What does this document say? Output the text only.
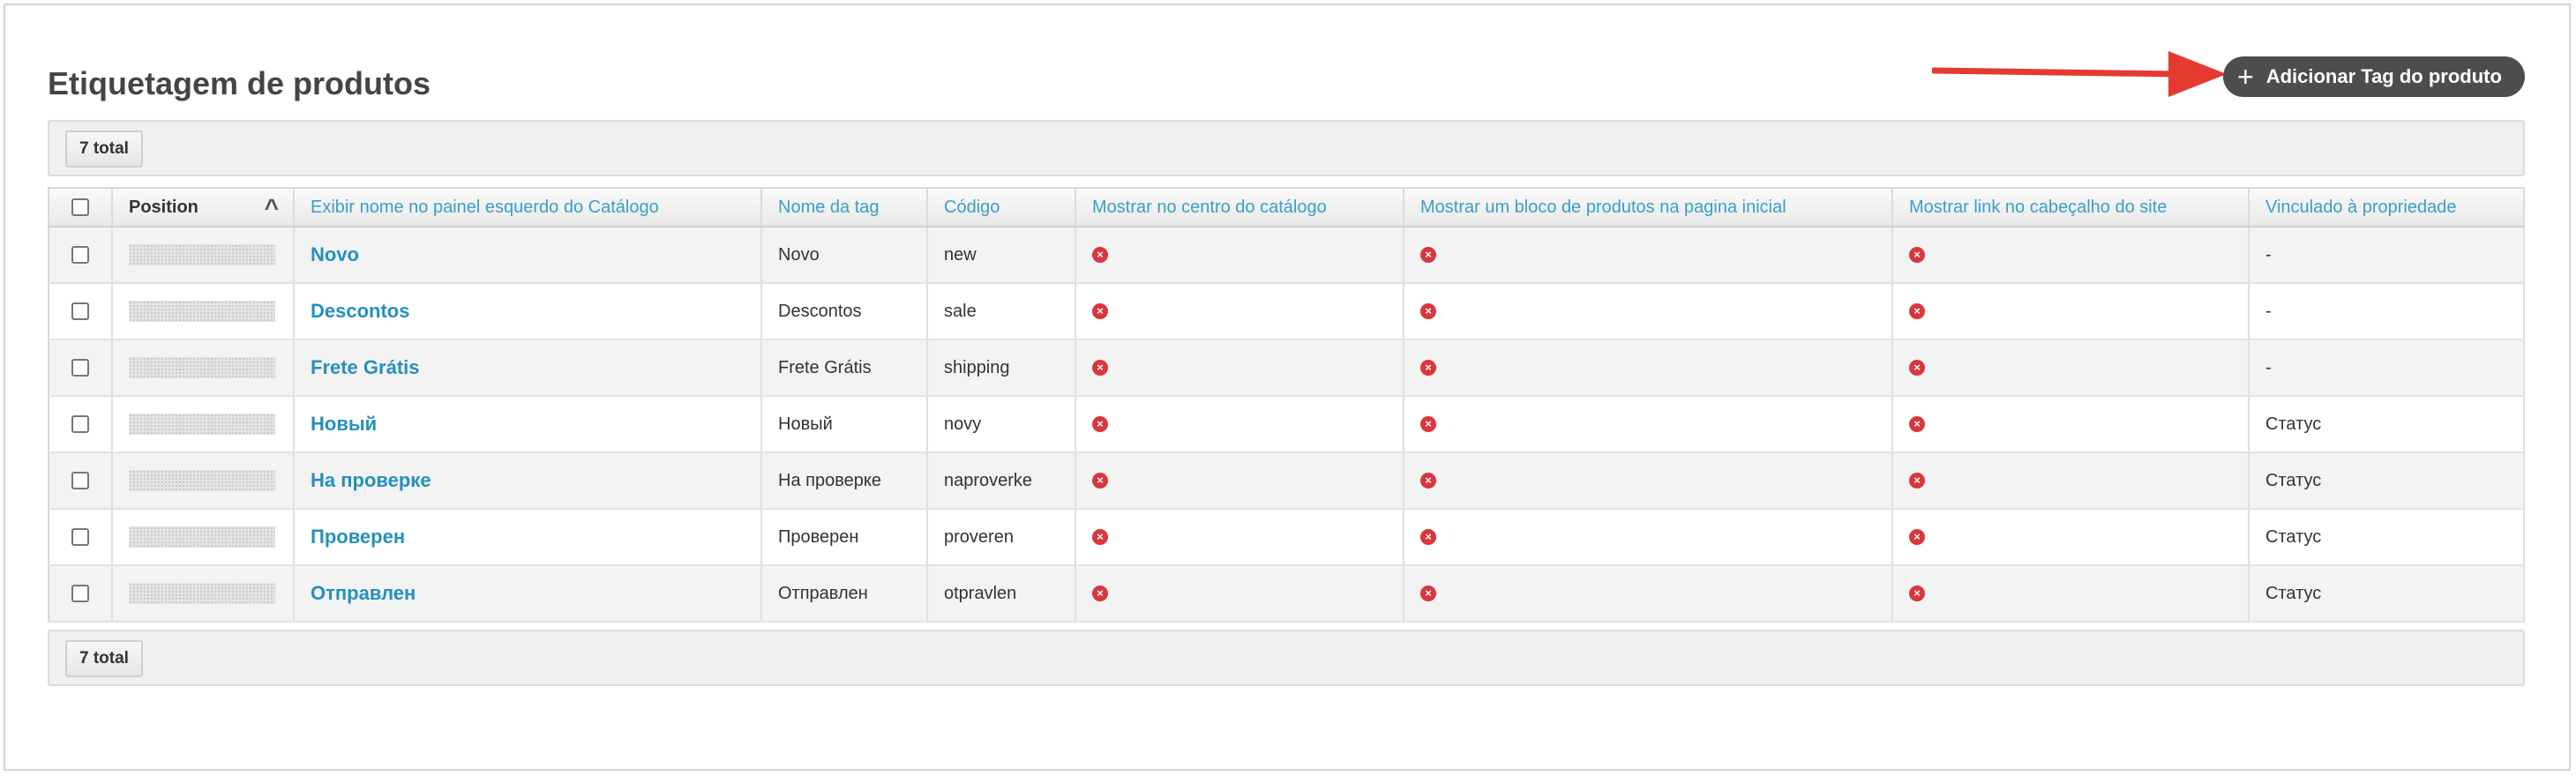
Etiquetagem de produtos	+ Adicionar Tag do produto
7 total
	Position ^	Exibir nome no painel esquerdo do Catálogo	Nome da tag	Código	Mostrar no centro do catálogo	Mostrar um bloco de produtos na pagina inicial	Mostrar link no cabeçalho do site	Vinculado à propriedade
		Novo	Novo	new	×	×	×	-
		Descontos	Descontos	sale	×	×	×	-
		Frete Grátis	Frete Grátis	shipping	×	×	×	-
		Новый	Новый	novy	×	×	×	Статус
		На проверке	На проверке	naproverke	×	×	×	Статус
		Проверен	Проверен	proveren	×	×	×	Статус
		Отправлен	Отправлен	otpravlen	×	×	×	Статус
7 total
